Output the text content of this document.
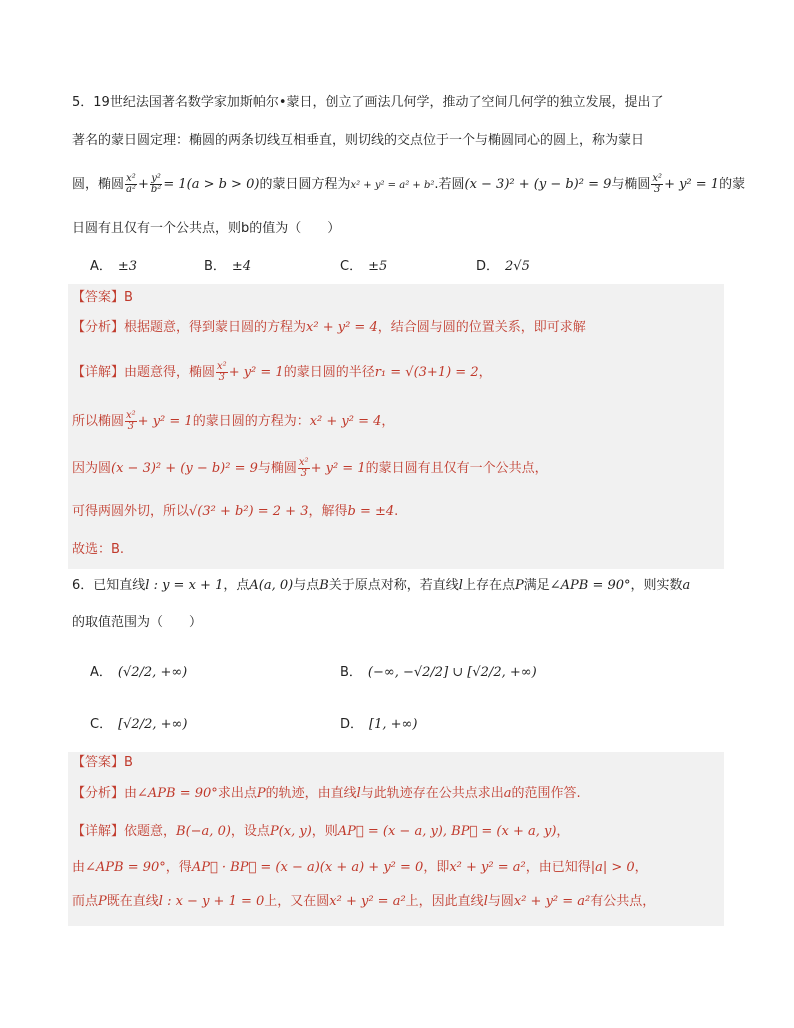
5．19世纪法国著名数学家加斯帕尔•蒙日，创立了画法几何学，推动了空间几何学的独立发展，提出了
著名的蒙日圆定理：椭圆的两条切线互相垂直，则切线的交点位于一个与椭圆同心的圆上，称为蒙日
圆，椭圆 $\frac{\text{x²}}{\text{a²}} + \frac{\text{y²}}{\text{b²}} = 1(a > b > 0)$的蒙日圆方程为x² + y² = a² + b².若圆(x − 3)² + (y − b)² = 9与椭圆 $\frac{\text{x²}}{3} + y^2 = 1$的蒙
日圆有且仅有一个公共点，则b的值为（　　）
A． ±3	B． ±4	C． ±5	D． 2√5
【答案】B
【分析】根据题意，得到蒙日圆的方程为x² + y² = 4，结合圆与圆的位置关系，即可求解
【详解】由题意得，椭圆 $\frac{\text{x²}}{3} + y^2 = 1$的蒙日圆的半径r₁ = √(3+1) = 2，
所以椭圆 $\frac{\text{x²}}{3} + y^2 = 1$的蒙日圆的方程为：x² + y² = 4，
因为圆(x − 3)² + (y − b)² = 9与椭圆 $\frac{\text{x²}}{3} + y^2 = 1$的蒙日圆有且仅有一个公共点，
可得两圆外切，所以√(3² + b²) = 2 + 3，解得b = ±4.
故选：B.
6．已知直线l : y = x + 1，点A(a, 0)与点B关于原点对称，若直线l上存在点P满足∠APB = 90°，则实数a
的取值范围为（　　）
A． (√2/2, +∞)	B． (−∞, −√2/2] ∪ [√2/2, +∞)
C． [√2/2, +∞)	D． [1, +∞)
【答案】B
【分析】由∠APB = 90°求出点P的轨迹，由直线l与此轨迹存在公共点求出a的范围作答.
【详解】依题意，B(−a, 0)，设点P(x, y)，则AP⃗ = (x − a, y), BP⃗ = (x + a, y)，
由∠APB = 90°，得AP⃗ · BP⃗ = (x − a)(x + a) + y² = 0，即x² + y² = a²，由已知得|a| > 0，
而点P既在直线l : x − y + 1 = 0上，又在圆x² + y² = a²上，因此直线l与圆x² + y² = a²有公共点，
